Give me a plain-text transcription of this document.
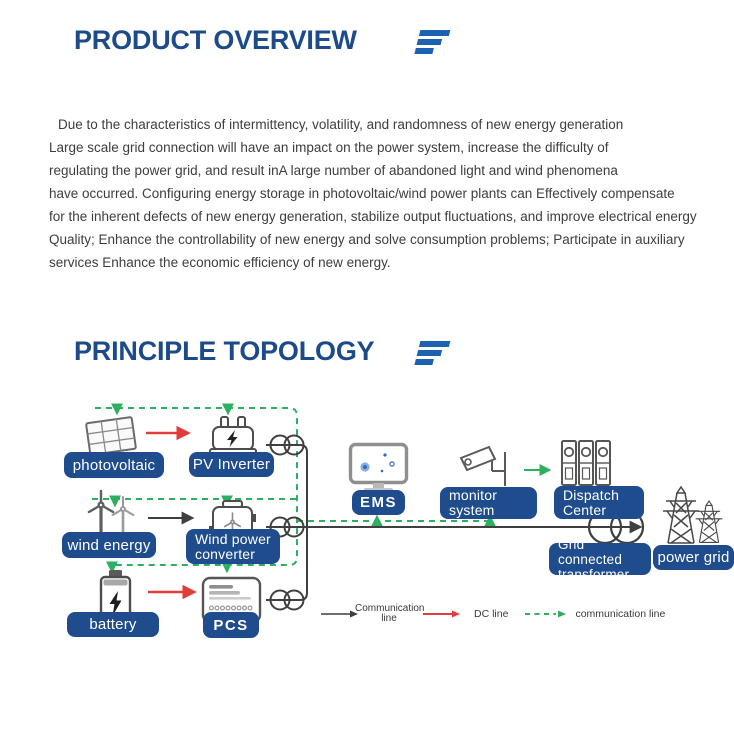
PRODUCT OVERVIEW
Due to the characteristics of intermittency, volatility, and randomness of new energy generation
Large scale grid connection will have an impact on the power system, increase the difficulty of
regulating the power grid, and result inA large number of abandoned light and wind phenomena
have occurred. Configuring energy storage in photovoltaic/wind power plants can Effectively compensate
for the inherent defects of new energy generation, stabilize output fluctuations, and improve electrical energy
Quality; Enhance the controllability of new energy and solve consumption problems; Participate in auxiliary
services Enhance the economic efficiency of new energy.
PRINCIPLE TOPOLOGY
photovoltaic	PV Inverter
EMS	monitor system
Dispatch Center
wind energy	Wind power converter
Grid connected transformer
power grid
battery	PCS
Communication line	DC line	communication line
